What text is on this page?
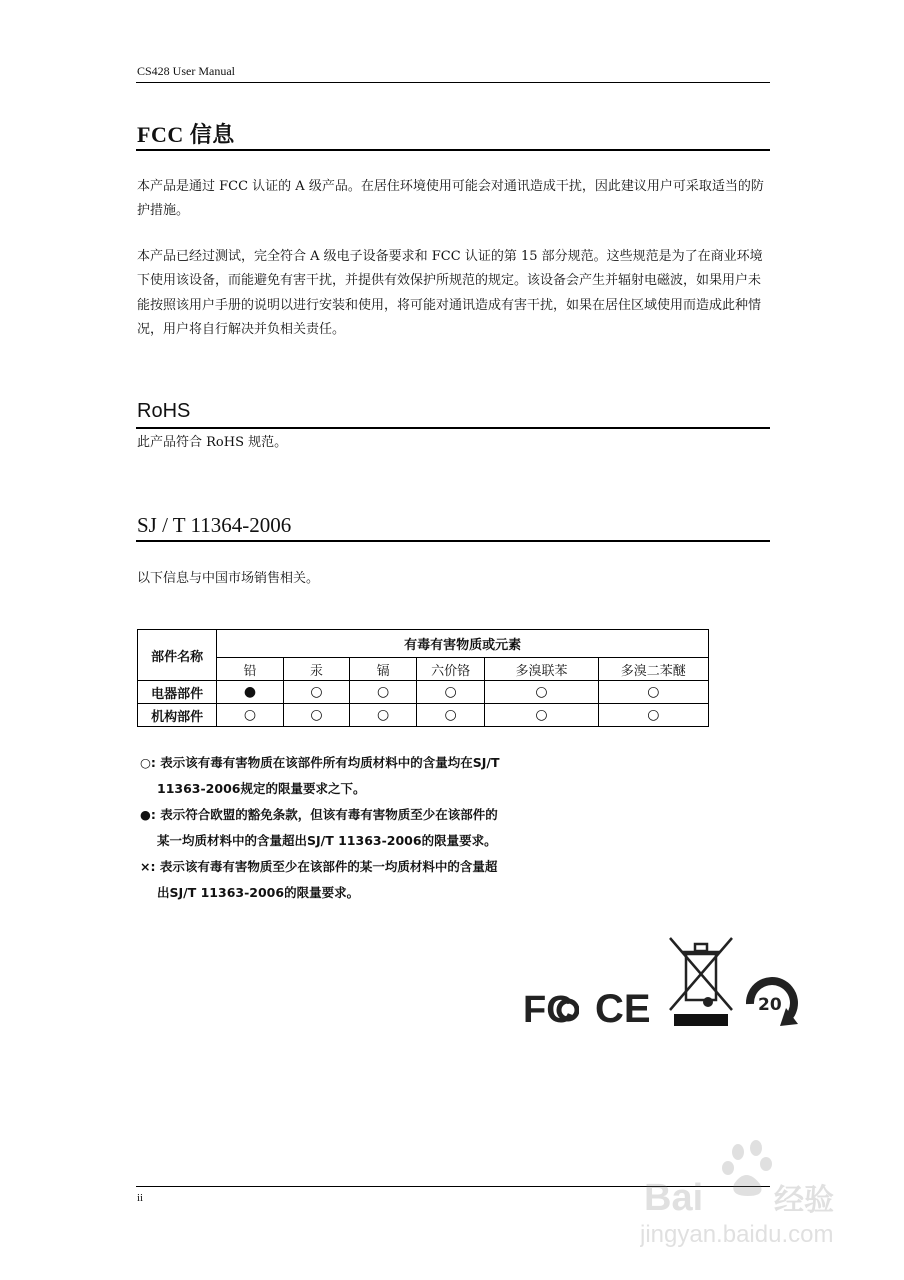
CS428 User Manual
FCC 信息
本产品是通过 FCC 认证的 A 级产品。在居住环境使用可能会对通讯造成干扰，因此建议用户可采取适当的防护措施。
本产品已经过测试，完全符合 A 级电子设备要求和 FCC 认证的第 15 部分规范。这些规范是为了在商业环境下使用该设备，而能避免有害干扰，并提供有效保护所规范的规定。该设备会产生并辐射电磁波，如果用户未能按照该用户手册的说明以进行安装和使用，将可能对通讯造成有害干扰，如果在居住区域使用而造成此种情况，用户将自行解决并负相关责任。
RoHS
此产品符合 RoHS 规范。
SJ / T 11364-2006
以下信息与中国市场销售相关。
部件名称	有毒有害物质或元素					
	铅	汞	镉	六价铬	多溴联苯	多溴二苯醚
电器部件	●	○	○	○	○	○
机构部件	○	○	○	○	○	○
○: 表示该有毒有害物质在该部件所有均质材料中的含量均在SJ/T
11363-2006规定的限量要求之下。
●: 表示符合欧盟的豁免条款，但该有毒有害物质至少在该部件的
某一均质材料中的含量超出SJ/T 11363-2006的限量要求。
×: 表示该有毒有害物质至少在该部件的某一均质材料中的含量超
出SJ/T 11363-2006的限量要求。
FC CE	20
ii	Bai 经验
jingyan.baidu.com
